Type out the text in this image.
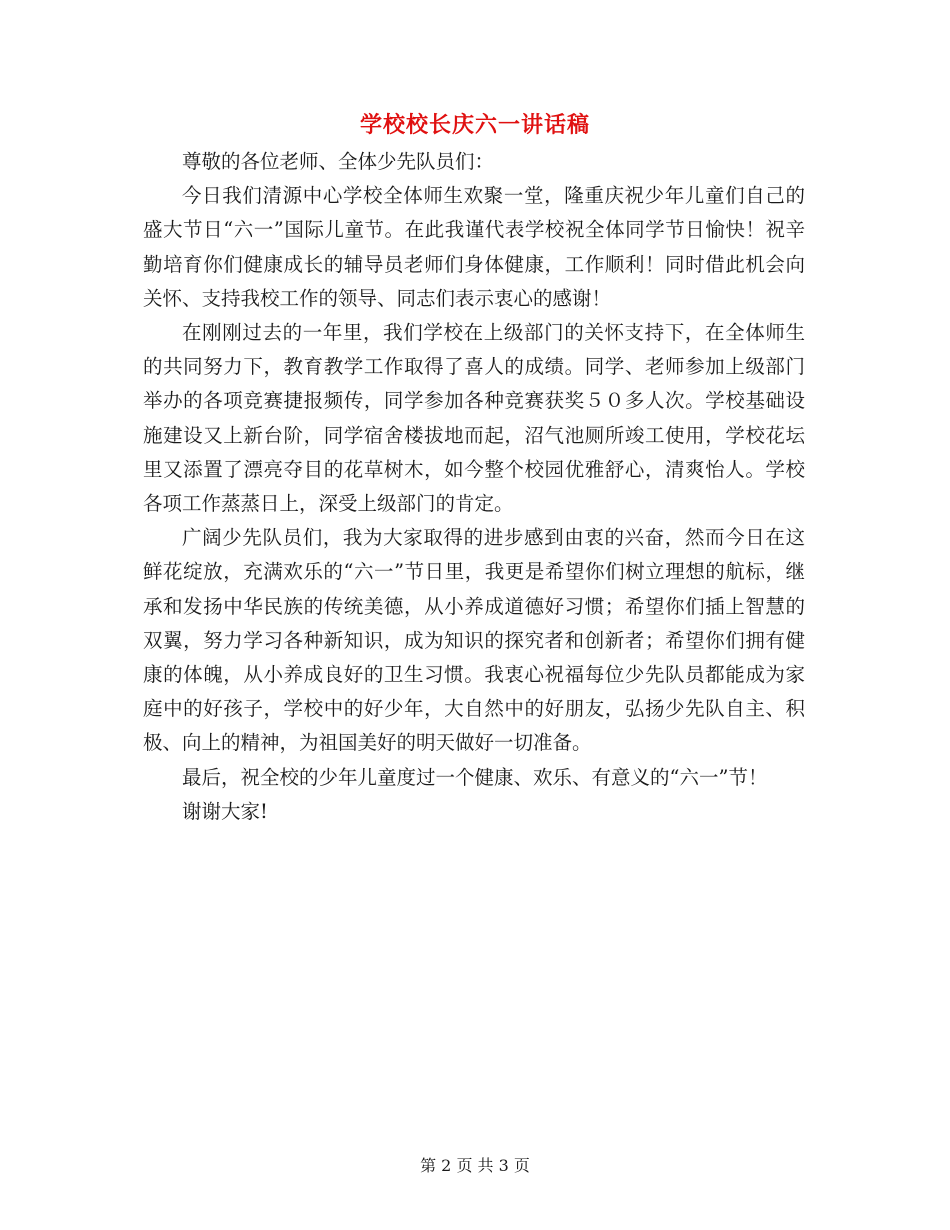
学校校长庆六一讲话稿

尊敬的各位老师、全体少先队员们：

今日我们清源中心学校全体师生欢聚一堂，隆重庆祝少年儿童们自己的盛大节日“六一”国际儿童节。在此我谨代表学校祝全体同学节日愉快！祝辛勤培育你们健康成长的辅导员老师们身体健康，工作顺利！同时借此机会向关怀、支持我校工作的领导、同志们表示衷心的感谢！

在刚刚过去的一年里，我们学校在上级部门的关怀支持下，在全体师生的共同努力下，教育教学工作取得了喜人的成绩。同学、老师参加上级部门举办的各项竞赛捷报频传，同学参加各种竞赛获奖５０多人次。学校基础设施建设又上新台阶，同学宿舍楼拔地而起，沼气池厕所竣工使用，学校花坛里又添置了漂亮夺目的花草树木，如今整个校园优雅舒心，清爽怡人。学校各项工作蒸蒸日上，深受上级部门的肯定。

广阔少先队员们，我为大家取得的进步感到由衷的兴奋，然而今日在这鲜花绽放，充满欢乐的“六一”节日里，我更是希望你们树立理想的航标，继承和发扬中华民族的传统美德，从小养成道德好习惯；希望你们插上智慧的双翼，努力学习各种新知识，成为知识的探究者和创新者；希望你们拥有健康的体魄，从小养成良好的卫生习惯。我衷心祝福每位少先队员都能成为家庭中的好孩子，学校中的好少年，大自然中的好朋友，弘扬少先队自主、积极、向上的精神，为祖国美好的明天做好一切准备。

最后，祝全校的少年儿童度过一个健康、欢乐、有意义的“六一”节！

谢谢大家!

第 2 页 共 3 页
